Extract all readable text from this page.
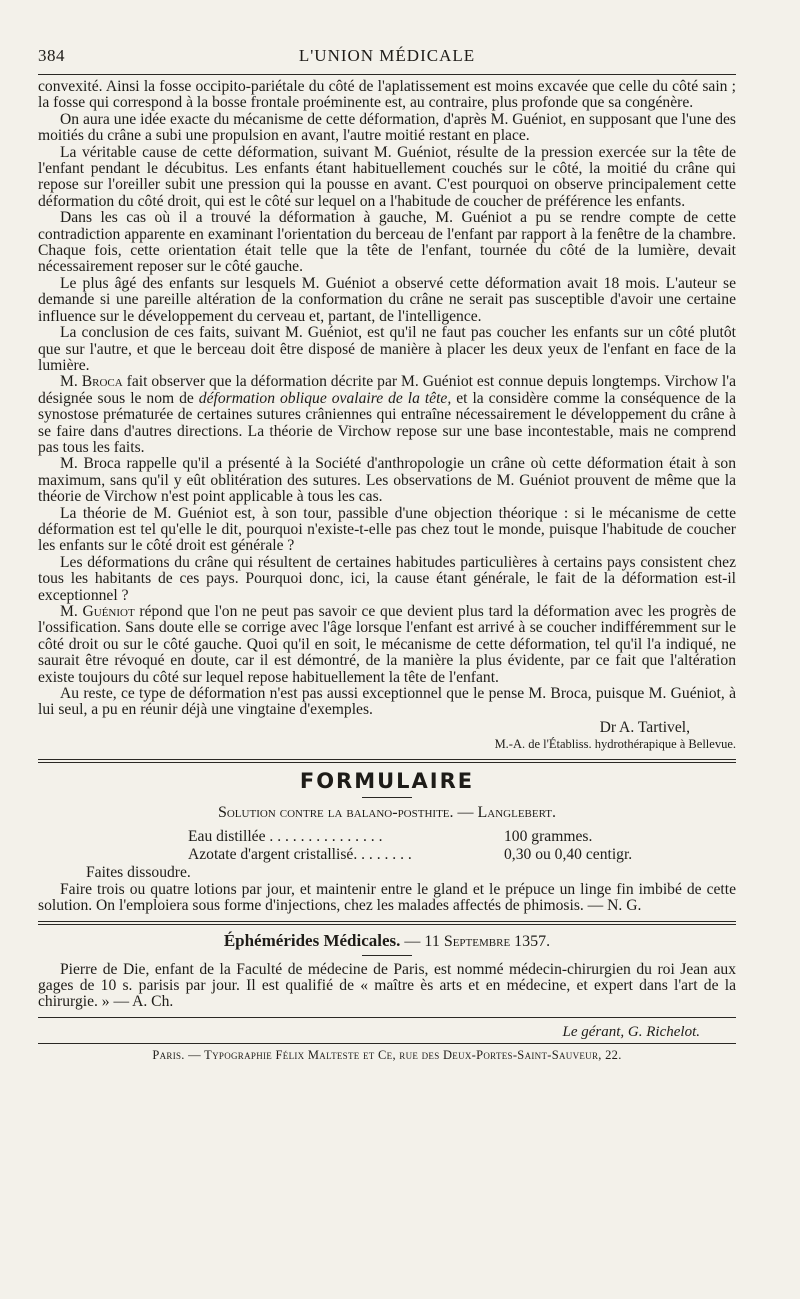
384	L'UNION MÉDICALE

convexité. Ainsi la fosse occipito-pariétale du côté de l'aplatissement est moins excavée que celle du côté sain ; la fosse qui correspond à la bosse frontale proéminente est, au contraire, plus profonde que sa congénère.

On aura une idée exacte du mécanisme de cette déformation, d'après M. Guéniot, en supposant que l'une des moitiés du crâne a subi une propulsion en avant, l'autre moitié restant en place.

La véritable cause de cette déformation, suivant M. Guéniot, résulte de la pression exercée sur la tête de l'enfant pendant le décubitus. Les enfants étant habituellement couchés sur le côté, la moitié du crâne qui repose sur l'oreiller subit une pression qui la pousse en avant. C'est pourquoi on observe principalement cette déformation du côté droit, qui est le côté sur lequel on a l'habitude de coucher de préférence les enfants.

Dans les cas où il a trouvé la déformation à gauche, M. Guéniot a pu se rendre compte de cette contradiction apparente en examinant l'orientation du berceau de l'enfant par rapport à la fenêtre de la chambre. Chaque fois, cette orientation était telle que la tête de l'enfant, tournée du côté de la lumière, devait nécessairement reposer sur le côté gauche.

Le plus âgé des enfants sur lesquels M. Guéniot a observé cette déformation avait 18 mois. L'auteur se demande si une pareille altération de la conformation du crâne ne serait pas susceptible d'avoir une certaine influence sur le développement du cerveau et, partant, de l'intelligence.

La conclusion de ces faits, suivant M. Guéniot, est qu'il ne faut pas coucher les enfants sur un côté plutôt que sur l'autre, et que le berceau doit être disposé de manière à placer les deux yeux de l'enfant en face de la lumière.

M. Broca fait observer que la déformation décrite par M. Guéniot est connue depuis longtemps. Virchow l'a désignée sous le nom de déformation oblique ovalaire de la tête, et la considère comme la conséquence de la synostose prématurée de certaines sutures crâniennes qui entraîne nécessairement le développement du crâne à se faire dans d'autres directions. La théorie de Virchow repose sur une base incontestable, mais ne comprend pas tous les faits.

M. Broca rappelle qu'il a présenté à la Société d'anthropologie un crâne où cette déformation était à son maximum, sans qu'il y eût oblitération des sutures. Les observations de M. Guéniot prouvent de même que la théorie de Virchow n'est point applicable à tous les cas.

La théorie de M. Guéniot est, à son tour, passible d'une objection théorique : si le mécanisme de cette déformation est tel qu'elle le dit, pourquoi n'existe-t-elle pas chez tout le monde, puisque l'habitude de coucher les enfants sur le côté droit est générale ?

Les déformations du crâne qui résultent de certaines habitudes particulières à certains pays consistent chez tous les habitants de ces pays. Pourquoi donc, ici, la cause étant générale, le fait de la déformation est-il exceptionnel ?

M. Guéniot répond que l'on ne peut pas savoir ce que devient plus tard la déformation avec les progrès de l'ossification. Sans doute elle se corrige avec l'âge lorsque l'enfant est arrivé à se coucher indifféremment sur le côté droit ou sur le côté gauche. Quoi qu'il en soit, le mécanisme de cette déformation, tel qu'il l'a indiqué, ne saurait être révoqué en doute, car il est démontré, de la manière la plus évidente, par ce fait que l'altération existe toujours du côté sur lequel repose habituellement la tête de l'enfant.

Au reste, ce type de déformation n'est pas aussi exceptionnel que le pense M. Broca, puisque M. Guéniot, à lui seul, a pu en réunir déjà une vingtaine d'exemples.

Dr A. Tartivel,
M.-A. de l'Établiss. hydrothérapique à Bellevue.
FORMULAIRE
Solution contre la balano-posthite. — Langlebert.
Eau distillée . . . . . . . . . . . . . . .	100 grammes.
Azotate d'argent cristallisé. . . . . . . .	0,30 ou 0,40 centigr.
Faites dissoudre.

Faire trois ou quatre lotions par jour, et maintenir entre le gland et le prépuce un linge fin imbibé de cette solution. On l'emploiera sous forme d'injections, chez les malades affectés de phimosis. — N. G.

Éphémérides Médicales. — 11 Septembre 1357.

Pierre de Die, enfant de la Faculté de médecine de Paris, est nommé médecin-chirurgien du roi Jean aux gages de 10 s. parisis par jour. Il est qualifié de « maître ès arts et en médecine, et expert dans l'art de la chirurgie. » — A. Ch.

Le gérant, G. Richelot.
Paris. — Typographie Félix Malteste et Ce, rue des Deux-Portes-Saint-Sauveur, 22.
